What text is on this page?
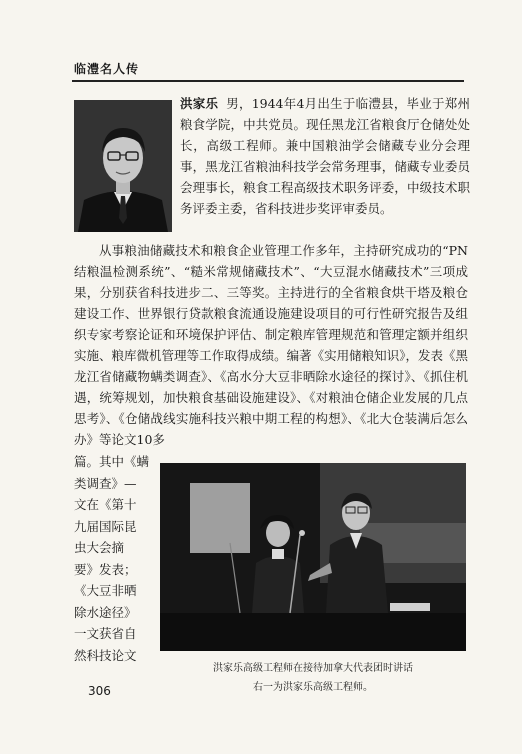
临澧名人传
洪家乐 男，1944年4月出生于临澧县，毕业于郑州粮食学院，中共党员。现任黑龙江省粮食厅仓储处处长，高级工程师。兼中国粮油学会储藏专业分会理事，黑龙江省粮油科技学会常务理事，储藏专业委员会理事长，粮食工程高级技术职务评委，中级技术职务评委主委，省科技进步奖评审委员。
从事粮油储藏技术和粮食企业管理工作多年，主持研究成功的“PN结粮温检测系统”、“糙米常规储藏技术”、“大豆混水储藏技术”三项成果，分别获省科技进步二、三等奖。主持进行的全省粮食烘干塔及粮仓建设工作、世界银行贷款粮食流通设施建设项目的可行性研究报告及组织专家考察论证和环境保护评估、制定粮库管理规范和管理定额并组织实施、粮库微机管理等工作取得成绩。编著《实用储粮知识》，发表《黑龙江省储藏物螨类调查》、《高水分大豆非晒除水途径的探讨》、《抓住机遇，统筹规划，加快粮食基础设施建设》、《对粮油仓储企业发展的几点思考》、《仓储战线实施科技兴粮中期工程的构想》、《北大仓装满后怎么办》等论文10多
篇。其中《螨
类调查》—
文在《第十
九届国际昆
虫大会摘
要》发表；
《大豆非晒
除水途径》
一文获省自
然科技论文
洪家乐高级工程师在接待加拿大代表团时讲话
右一为洪家乐高级工程师。
306
